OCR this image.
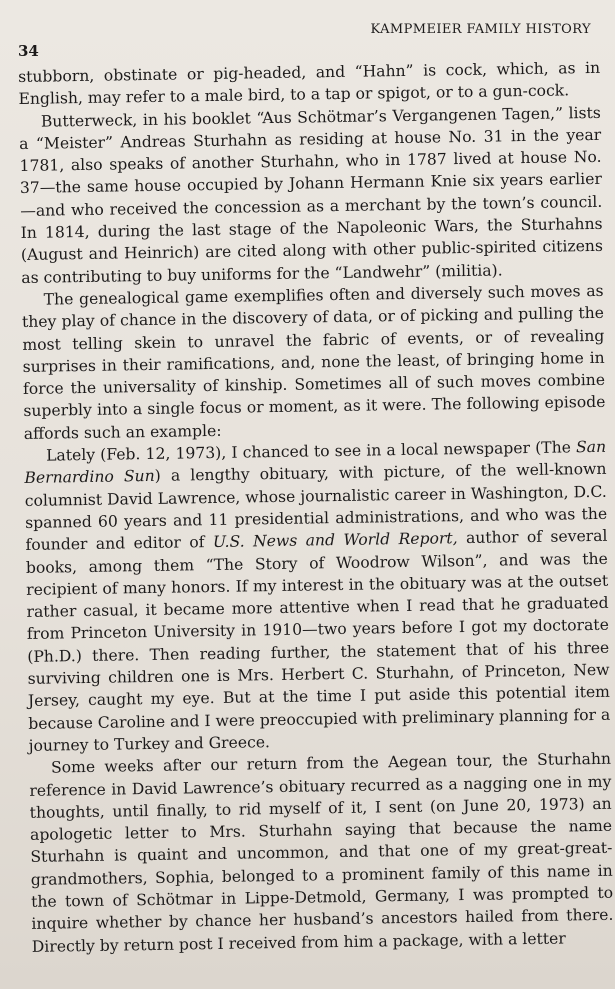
KAMPMEIER FAMILY HISTORY
34

stubborn, obstinate or pig-headed, and “Hahn” is cock, which, as in English, may refer to a male bird, to a tap or spigot, or to a gun-cock.

Butterweck, in his booklet “Aus Schötmar’s Vergangenen Tagen,” lists a “Meister” Andreas Sturhahn as residing at house No. 31 in the year 1781, also speaks of another Sturhahn, who in 1787 lived at house No. 37—the same house occupied by Johann Hermann Knie six years earlier—and who received the concession as a merchant by the town’s council. In 1814, during the last stage of the Napoleonic Wars, the Sturhahns (August and Heinrich) are cited along with other public-spirited citizens as contributing to buy uniforms for the “Landwehr” (militia).

The genealogical game exemplifies often and diversely such moves as they play of chance in the discovery of data, or of picking and pulling the most telling skein to unravel the fabric of events, or of revealing surprises in their ramifications, and, none the least, of bringing home in force the universality of kinship. Sometimes all of such moves combine superbly into a single focus or moment, as it were. The following episode affords such an example:

Lately (Feb. 12, 1973), I chanced to see in a local newspaper (The San Bernardino Sun) a lengthy obituary, with picture, of the well-known columnist David Lawrence, whose journalistic career in Washington, D.C. spanned 60 years and 11 presidential administrations, and who was the founder and editor of U.S. News and World Report, author of several books, among them “The Story of Woodrow Wilson”, and was the recipient of many honors. If my interest in the obituary was at the outset rather casual, it became more attentive when I read that he graduated from Princeton University in 1910—two years before I got my doctorate (Ph.D.) there. Then reading further, the statement that of his three surviving children one is Mrs. Herbert C. Sturhahn, of Princeton, New Jersey, caught my eye. But at the time I put aside this potential item because Caroline and I were preoccupied with preliminary planning for a journey to Turkey and Greece.

Some weeks after our return from the Aegean tour, the Sturhahn reference in David Lawrence’s obituary recurred as a nagging one in my thoughts, until finally, to rid myself of it, I sent (on June 20, 1973) an apologetic letter to Mrs. Sturhahn saying that because the name Sturhahn is quaint and uncommon, and that one of my great-great-grandmothers, Sophia, belonged to a prominent family of this name in the town of Schötmar in Lippe-Detmold, Germany, I was prompted to inquire whether by chance her husband’s ancestors hailed from there. Directly by return post I received from him a package, with a letter
